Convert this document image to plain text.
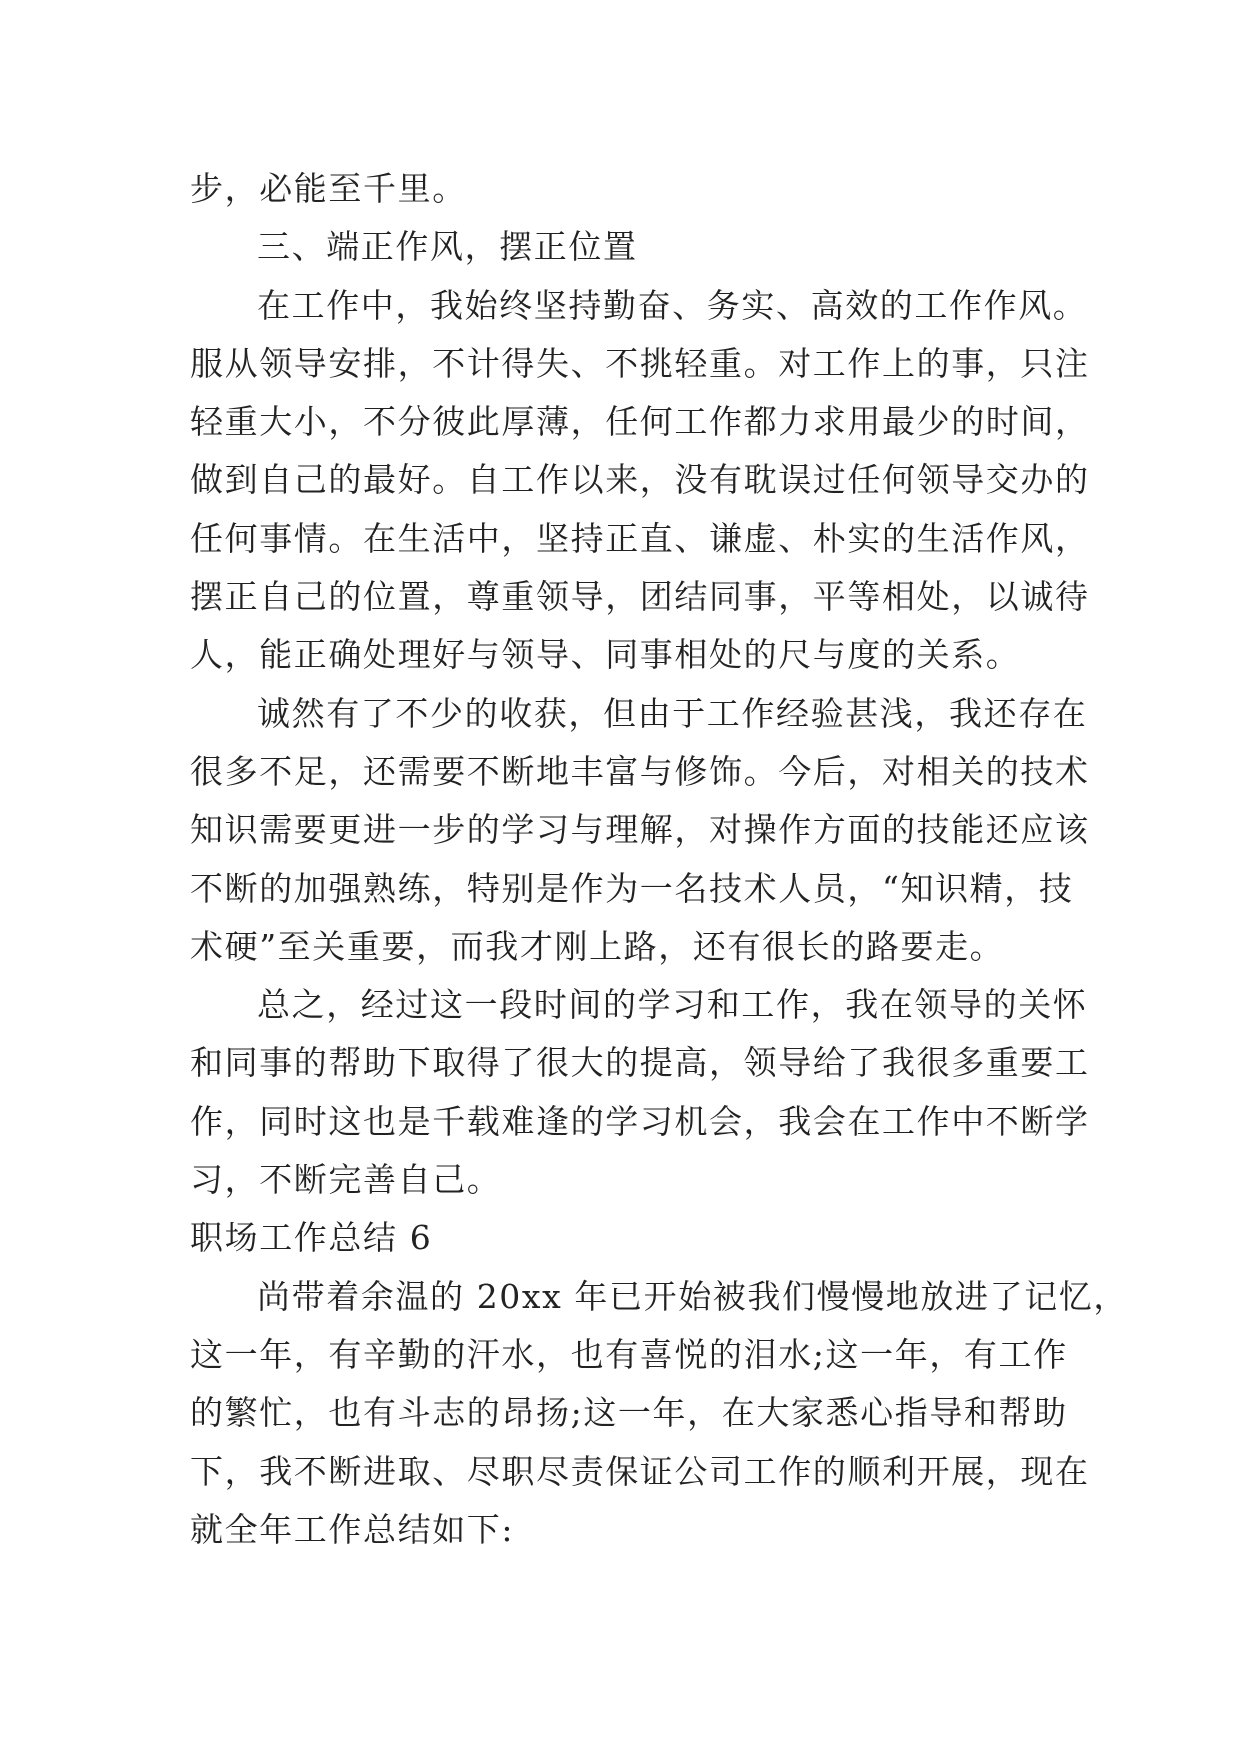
步，必能至千里。
三、端正作风，摆正位置
在工作中，我始终坚持勤奋、务实、高效的工作作风。
服从领导安排，不计得失、不挑轻重。对工作上的事，只注
轻重大小，不分彼此厚薄，任何工作都力求用最少的时间，
做到自己的最好。自工作以来，没有耽误过任何领导交办的
任何事情。在生活中，坚持正直、谦虚、朴实的生活作风，
摆正自己的位置，尊重领导，团结同事，平等相处，以诚待
人，能正确处理好与领导、同事相处的尺与度的关系。
诚然有了不少的收获，但由于工作经验甚浅，我还存在
很多不足，还需要不断地丰富与修饰。今后，对相关的技术
知识需要更进一步的学习与理解，对操作方面的技能还应该
不断的加强熟练，特别是作为一名技术人员，“知识精，技
术硬”至关重要，而我才刚上路，还有很长的路要走。
总之，经过这一段时间的学习和工作，我在领导的关怀
和同事的帮助下取得了很大的提高，领导给了我很多重要工
作，同时这也是千载难逢的学习机会，我会在工作中不断学
习，不断完善自己。
职场工作总结 6
尚带着余温的 20xx 年已开始被我们慢慢地放进了记忆，
这一年，有辛勤的汗水，也有喜悦的泪水;这一年，有工作
的繁忙，也有斗志的昂扬;这一年，在大家悉心指导和帮助
下，我不断进取、尽职尽责保证公司工作的顺利开展，现在
就全年工作总结如下:
